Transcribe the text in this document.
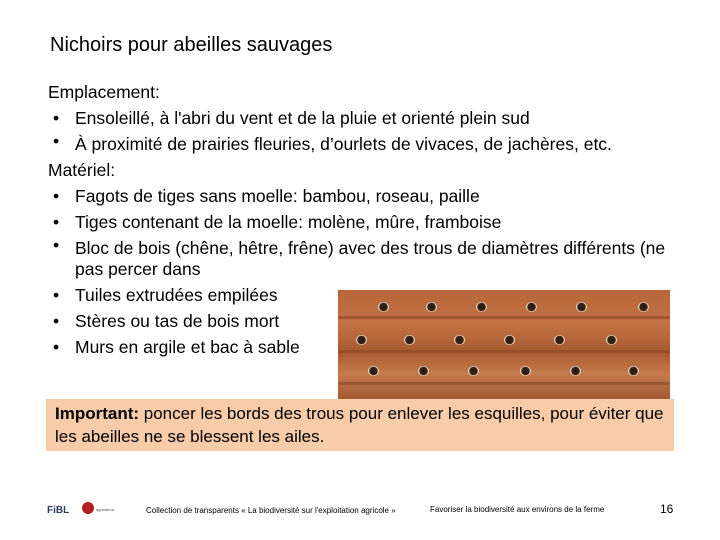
Nichoirs pour abeilles sauvages
Emplacement:
• Ensoleillé, à l'abri du vent et de la pluie et orienté plein sud
• À proximité de prairies fleuries, d’ourlets de vivaces, de jachères, etc.
Matériel:
• Fagots de tiges sans moelle: bambou, roseau, paille
• Tiges contenant de la moelle: molène, mûre, framboise
• Bloc de bois (chêne, hêtre, frêne) avec des trous de diamètres différents (ne pas percer dans
• Tuiles extrudées empilées
• Stères ou tas de bois mort
• Murs en argile et bac à sable
Important: poncer les bords des trous pour enlever les esquilles, pour éviter que les abeilles ne se blessent les ailes.
FiBL	agrinatura	Collection de transparents « La biodiversité sur l'exploitation agricole »	Favoriser la biodiversité aux environs de la ferme	16
